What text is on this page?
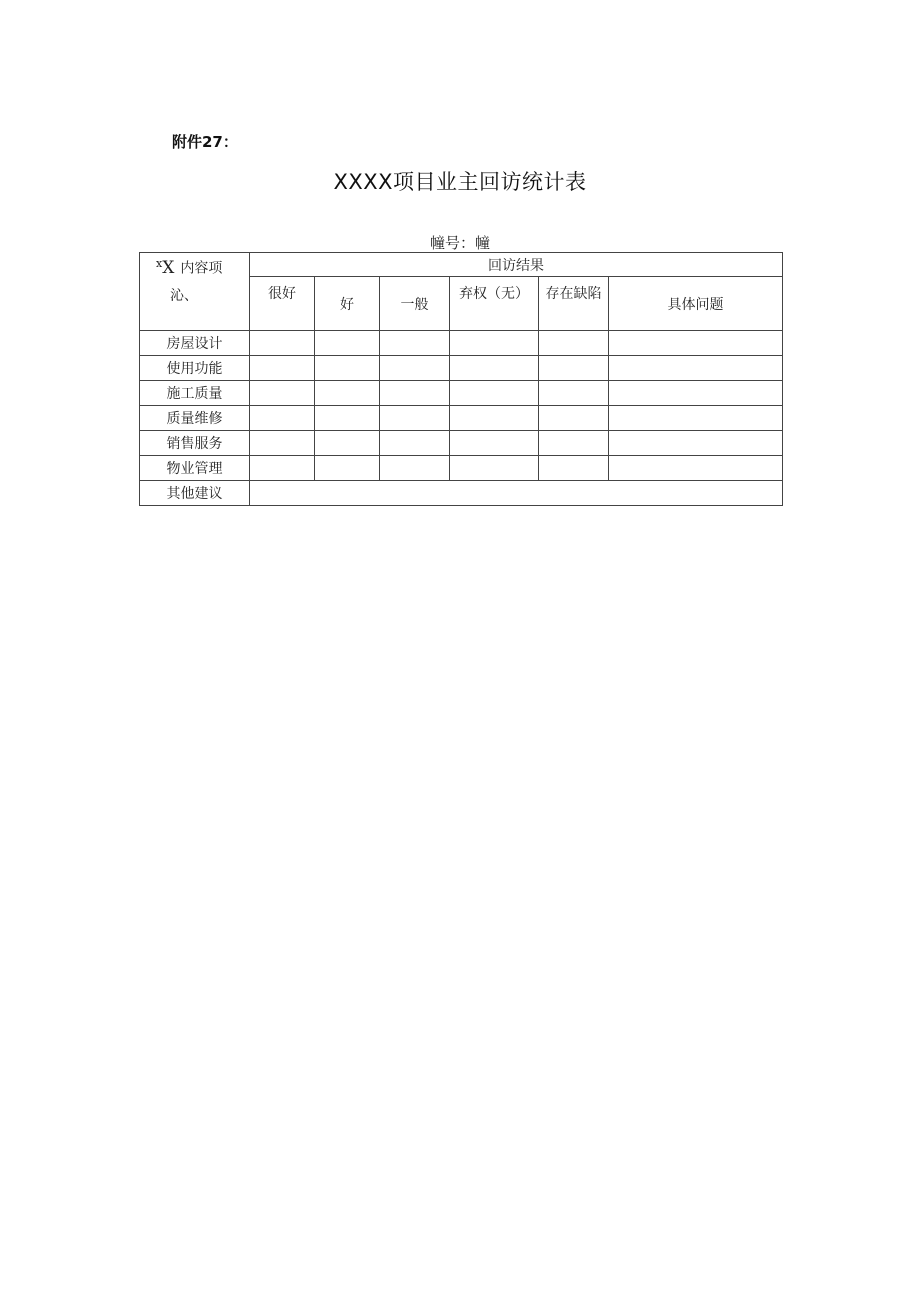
附件27：
XXXX项目业主回访统计表
幢号：幢
$^x$X 内容项
沁、	回访结果					
	很好	好	一般	弃权（无）	存在缺陷	具体问题
房屋设计						
使用功能						
施工质量						
质量维修						
销售服务						
物业管理						
其他建议						
